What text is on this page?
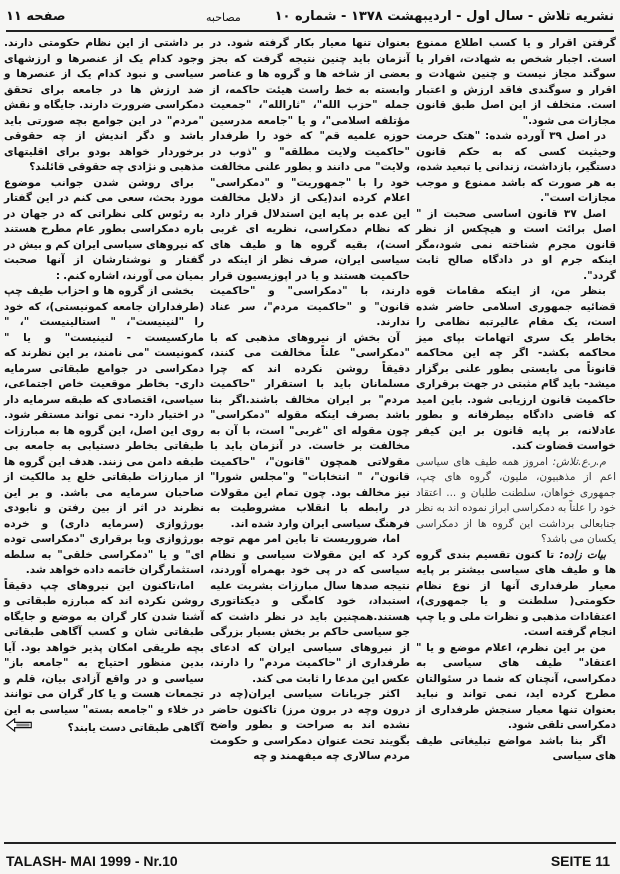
نشریه تلاش - سال اول - اردیبهشت ۱۳۷۸ - شماره ۱۰
مصاحبه
صفحه ۱۱

گرفتن اقرار و یا کسب اطلاع ممنوع است. اجبار شخص به شهادت، اقرار یا سوگند مجاز نیست و چنین شهادت و اقرار و سوگندی فاقد ارزش و اعتبار است. متخلف از این اصل طبق قانون مجازات می شود."

در اصل ۳۹ آورده شده: "هتک حرمت وحیثیت کسی که به حکم قانون دستگیر، بازداشت، زندانی یا تبعید شده، به هر صورت که باشد ممنوع و موجب مجازات است".

اصل ۳۷ قانون اساسی صحبت از " اصل برائت است و هیچکس از نظر قانون مجرم شناخته نمی شود،مگر اینکه جرم او در دادگاه صالح ثابت گردد".

بنظر من، از اینکه مقامات قوه قضائیه جمهوری اسلامی حاضر شده است، یک مقام عالیرتبه نظامی را بخاطر یک سری اتهامات بپای میز محاکمه بکشد- اگر چه این محاکمه قانوناً می بایستی بطور علنی برگزار میشد- باید گام مثبتی در جهت برقراری حاکمیت قانون ارزیابی شود. باین امید که قاضی دادگاه بیطرفانه و بطور عادلانه، بر پایه قانون بر این کیفر خواست قضاوت کند.

م.ر.ع.تلاش: امروز همه طیف های سیاسی اعم از مذهبیون، ملیون، گروه های چپ، جمهوری خواهان، سلطنت طلبان و ... اعتقاد خود را علناً به دمکراسی ابراز نموده اند به نظر جنابعالی برداشت این گروه ها از دمکراسی یکسان می باشد؟

بیات زاده: تا کنون تقسیم بندی گروه ها و طیف های سیاسی بیشتر بر پایه معیار طرفداری آنها از نوع نظام حکومتی( سلطنت و یا جمهوری)، اعتقادات مذهبی و نظرات ملی و یا چپ انجام گرفته است.

من بر این نظرم، اعلام موضع و یا " اعتقاد" طیف های سیاسی به دمکراسی، آنچنان که شما در سئوالتان مطرح کرده اید، نمی تواند و نباید بعنوان تنها معیار سنجش طرفداری از دمکراسی تلقی شود.

اگر بنا باشد مواضع تبلیغاتی طیف های سیاسی

بعنوان تنها معیار بکار گرفته شود. در آنزمان باید چنین نتیجه گرفت که بجز بعضی از شاخه ها و گروه ها و عناصر وابسته به خط راست هیئت حاکمه، از جمله "حزب الله"، "ثارالله"، "جمعیت مؤتلفه اسلامی"، و یا "جامعه مدرسین حوزه علمیه قم" که خود را طرفدار "حاکمیت ولایت مطلقه" و "ذوب در ولایت" می دانند و بطور علنی مخالفت خود را با "جمهوریت" و "دمکراسی" اعلام کرده اند(یکی از دلایل مخالفت این عده بر پایه این استدلال قرار دارد که نظام دمکراسی، نظریه ای غربی است)، بقیه گروه ها و طیف های سیاسی ایران، صرف نظر از اینکه در حاکمیت هستند و یا در اپوزیسیون قرار دارند، با "دمکراسی" و "حاکمیت قانون" و "حاکمیت مردم"، سر عناد ندارند.

آن بخش از نیروهای مذهبی که با "دمکراسی" علناً مخالفت می کنند، دقیقاً روشن نکرده اند که چرا مسلمانان باید با استقرار "حاکمیت مردم" بر ایران مخالف باشند.اگر بنا باشد بصرف اینکه مقوله "دمکراسی" چون مقوله ای "غربی" است، با آن به مخالفت بر خاست. در آنزمان باید با مقولاتی همچون "قانون"، "حاکمیت قانون"، " انتخابات" و"مجلس شورا" نیز مخالف بود. چون تمام این مقولات در رابطه با انقلاب مشروطیت به فرهنگ سیاسی ایران وارد شده اند.

اما، ضروریست تا باین امر مهم توجه کرد که این مقولات سیاسی و نظام سیاسی که در پی خود بهمراه آوردند، نتیجه صدها سال مبارزات بشریت علیه استبداد، خود کامگی و دیکتاتوری هستند.همچنین باید در نظر داشت که جو سیاسی حاکم بر بخش بسیار بزرگی از نیروهای سیاسی ایران که ادعای طرفداری از "حاکمیت مردم" را دارند، عکس این مدعا را ثابت می کند.

اکثر جریانات سیاسی ایران(چه در درون وچه در برون مرز) تاکنون حاضر نشده اند به صراحت و بطور واضح بگویند تحت عنوان دمکراسی و حکومت مردم سالاری چه میفهمند و چه

بر داشتی از این نظام حکومتی دارند. وجود کدام یک از عنصرها و ارزشهای سیاسی و نبود کدام یک از عنصرها و ضد ارزش ها در جامعه برای تحقق دمکراسی ضرورت دارند. جایگاه و نقش "مردم" در این جوامع بچه صورتی باید باشد و دگر اندیش از چه حقوقی برخوردار خواهد بودو برای اقلیتهای مذهبی و نژادی چه حقوقی قائلند؟

برای روشن شدن جوانب موضوع مورد بحث، سعی می کنم در این گفتار به رئوس کلی نظراتی که در جهان در باره دمکراسی بطور عام مطرح هستند که نیروهای سیاسی ایران کم و بیش در گفتار و نوشتارشان از آنها صحبت بمیان می آورند، اشاره کنم. :

بخشی از گروه ها و احزاب طیف چپ (طرفداران جامعه کمونیستی)، که خود را "لنینیست"، " استالینیست "، " مارکسیست - لنینیست" و یا " کمونیست "می نامند، بر این نظرند که دمکراسی در جوامع طبقاتی سرمایه داری- بخاطر موقعیت خاص اجتماعی، سیاسی، اقتصادی که طبقه سرمایه دار در اختیار دارد- نمی تواند مستقر شود. روی این اصل، این گروه ها به مبارزات طبقاتی بخاطر دستیابی به جامعه بی طبقه دامن می زنند. هدف این گروه ها از مبارزات طبقاتی خلع ید مالکیت از صاحبان سرمایه می باشد. و بر این نظرند در اثر از بین رفتن و نابودی بورژوازی (سرمایه داری) و خرده بورژوازی وبا برقراری "دمکراسی توده ای" و یا "دمکراسی خلقی" به سلطه استثمارگران خاتمه داده خواهد شد.

اما،تاکنون این نیروهای چپ دقیقاً روشن نکرده اند که مبارزه طبقاتی و آشنا شدن کار گران به موضع و جایگاه طبقاتی شان و کسب آگاهی طبقاتی بچه طریقی امکان پذیر خواهد بود. آیا بدین منظور احتیاج به "جامعه باز" سیاسی و در واقع آزادی بیان، قلم و تجمعات هست و یا کار گران می توانند در خلاء و "جامعه بسته" سیاسی به این آگاهی طبقاتی دست یابند؟

TALASH- MAI 1999 - Nr.10	SEITE 11
